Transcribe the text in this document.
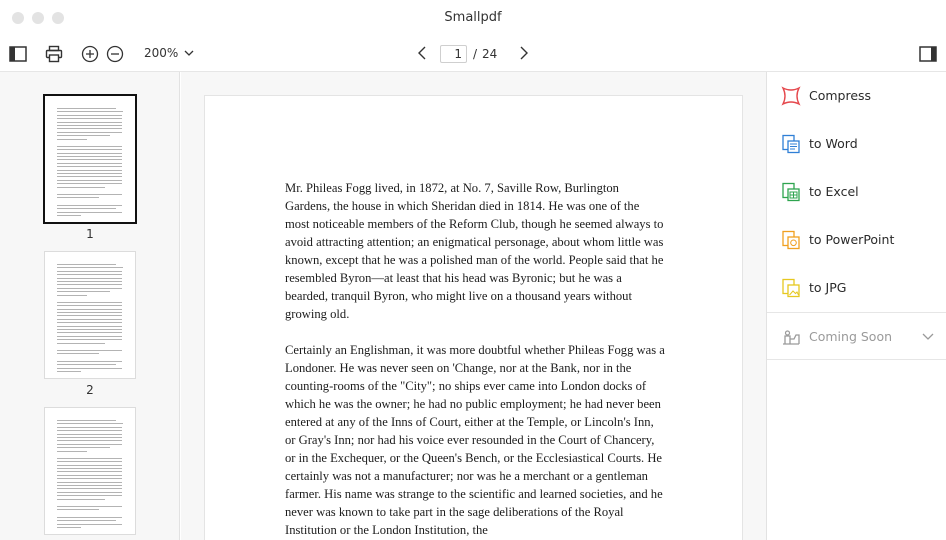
Smallpdf
200%
1	/ 24
1
2

Mr. Phileas Fogg lived, in 1872, at No. 7, Saville Row, Burlington Gardens, the house in which Sheridan died in 1814. He was one of the most noticeable members of the Reform Club, though he seemed always to avoid attracting attention; an enigmatical personage, about whom little was known, except that he was a polished man of the world. People said that he resembled Byron—at least that his head was Byronic; but he was a bearded, tranquil Byron, who might live on a thousand years without growing old.

Certainly an Englishman, it was more doubtful whether Phileas Fogg was a Londoner. He was never seen on 'Change, nor at the Bank, nor in the counting-rooms of the "City"; no ships ever came into London docks of which he was the owner; he had no public employment; he had never been entered at any of the Inns of Court, either at the Temple, or Lincoln's Inn, or Gray's Inn; nor had his voice ever resounded in the Court of Chancery, or in the Exchequer, or the Queen's Bench, or the Ecclesiastical Courts. He certainly was not a manufacturer; nor was he a merchant or a gentleman farmer. His name was strange to the scientific and learned societies, and he never was known to take part in the sage deliberations of the Royal Institution or the London Institution, the

Compress
to Word
to Excel
to PowerPoint
to JPG
Coming Soon
